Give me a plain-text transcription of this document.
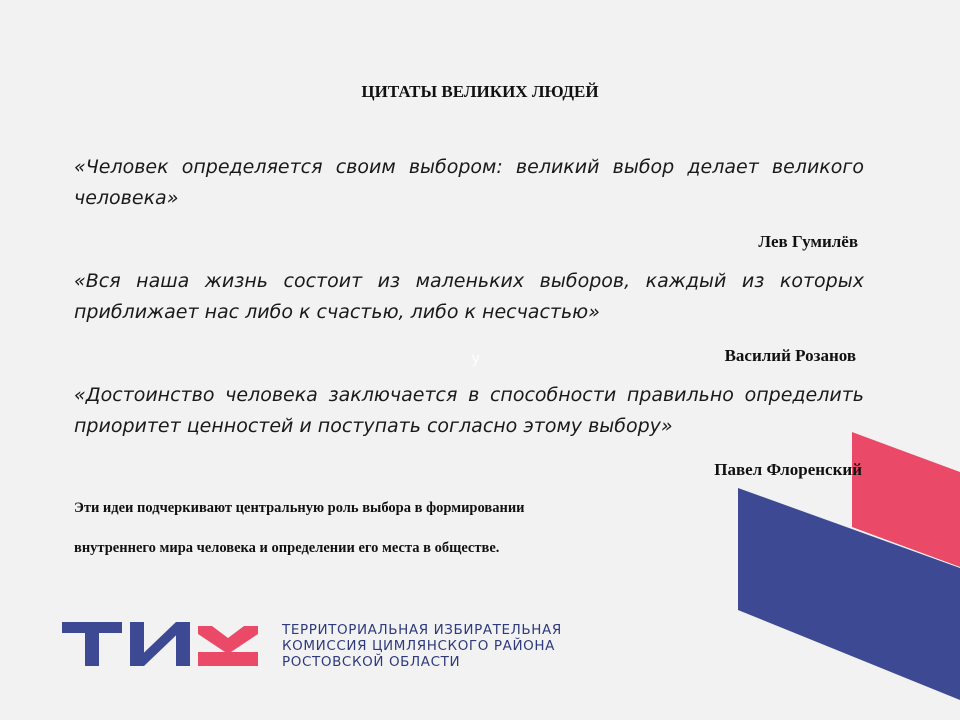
ЦИТАТЫ ВЕЛИКИХ ЛЮДЕЙ
«Человек определяется своим выбором: великий выбор делает великого человека»
Лев Гумилёв
«Вся наша жизнь состоит из маленьких выборов, каждый из которых приближает нас либо к счастью, либо к несчастью»
у	Василий Розанов
«Достоинство человека заключается в способности правильно определить приоритет ценностей и поступать согласно этому выбору»
Павел Флоренский
Эти идеи подчеркивают центральную роль выбора в формировании
внутреннего мира человека и определении его места в обществе.
ТЕРРИТОРИАЛЬНАЯ ИЗБИРАТЕЛЬНАЯ
КОМИССИЯ ЦИМЛЯНСКОГО РАЙОНА
РОСТОВСКОЙ ОБЛАСТИ
